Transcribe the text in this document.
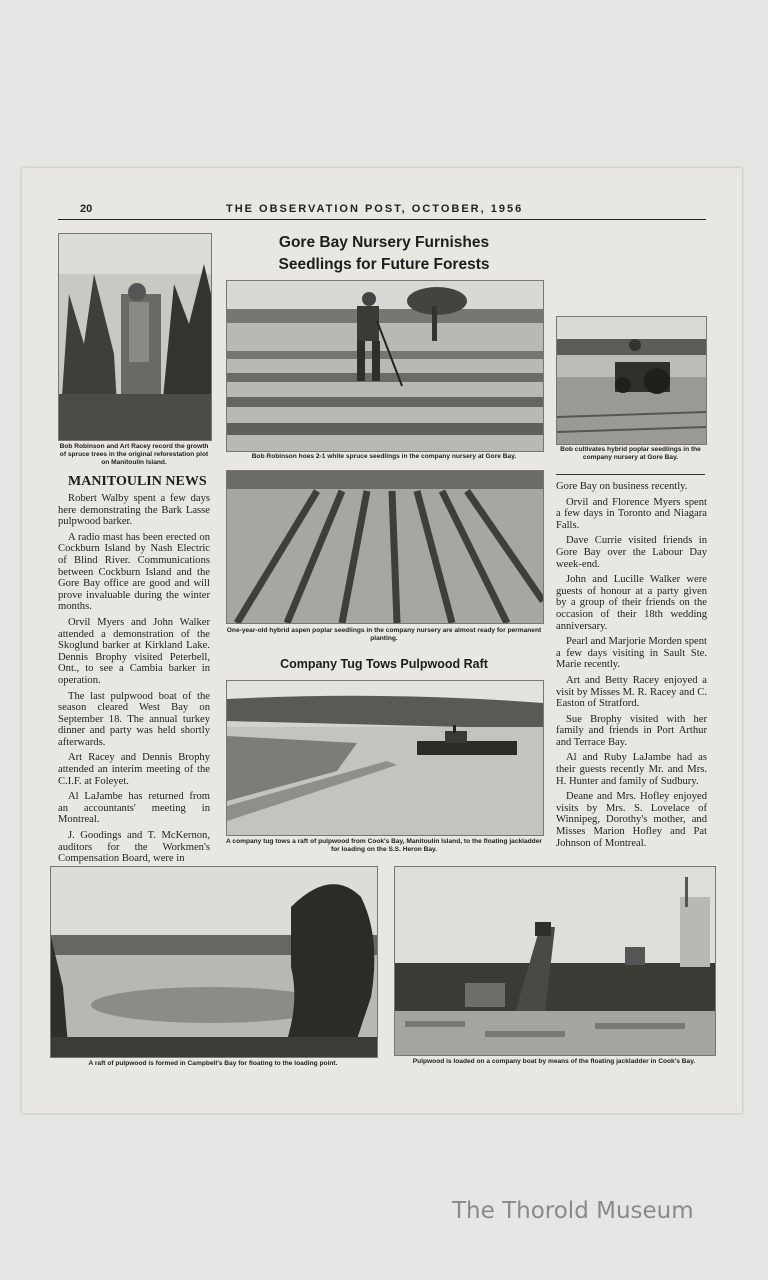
20	THE OBSERVATION POST, OCTOBER, 1956
Bob Robinson and Art Racey record the growth of spruce trees in the original reforestation plot on Manitoulin Island.
Gore Bay Nursery Furnishes
Seedlings for Future Forests
Bob Robinson hoes 2-1 white spruce seedlings in the company nursery at Gore Bay.
Bob cultivates hybrid poplar seedlings in the company nursery at Gore Bay.
MANITOULIN NEWS

Robert Walby spent a few days here demonstrating the Bark Lasse pulpwood barker.

A radio mast has been erected on Cockburn Island by Nash Electric of Blind River. Communications between Cockburn Island and the Gore Bay office are good and will prove invaluable during the winter months.

Orvil Myers and John Walker attended a demonstration of the Skoglund barker at Kirkland Lake. Dennis Brophy visited Peterbell, Ont., to see a Cambia barker in operation.

The last pulpwood boat of the season cleared West Bay on September 18. The annual turkey dinner and party was held shortly afterwards.

Art Racey and Dennis Brophy attended an interim meeting of the C.I.F. at Foleyet.

Al LaJambe has returned from an accountants' meeting in Montreal.

J. Goodings and T. McKernon, auditors for the Workmen's Compensation Board, were in

One-year-old hybrid aspen poplar seedlings in the company nursery are almost ready for permanent planting.
Company Tug Tows Pulpwood Raft
A company tug tows a raft of pulpwood from Cook's Bay, Manitoulin Island, to the floating jackladder for loading on the S.S. Heron Bay.

Gore Bay on business recently.

Orvil and Florence Myers spent a few days in Toronto and Niagara Falls.

Dave Currie visited friends in Gore Bay over the Labour Day week-end.

John and Lucille Walker were guests of honour at a party given by a group of their friends on the occasion of their 18th wedding anniversary.

Pearl and Marjorie Morden spent a few days visiting in Sault Ste. Marie recently.

Art and Betty Racey enjoyed a visit by Misses M. R. Racey and C. Easton of Stratford.

Sue Brophy visited with her family and friends in Port Arthur and Terrace Bay.

Al and Ruby LaJambe had as their guests recently Mr. and Mrs. H. Hunter and family of Sudbury.

Deane and Mrs. Hofley enjoyed visits by Mrs. S. Lovelace of Winnipeg, Dorothy's mother, and Misses Marion Hofley and Pat Johnson of Montreal.

A raft of pulpwood is formed in Campbell's Bay for floating to the loading point.	Pulpwood is loaded on a company boat by means of the floating jackladder in Cook's Bay.
The Thorold Museum
